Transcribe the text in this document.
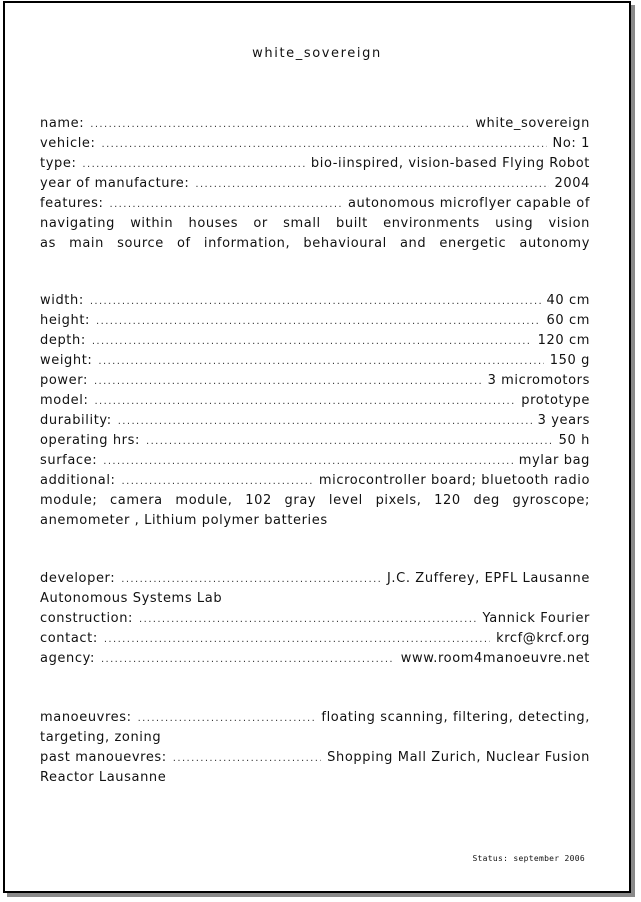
white_sovereign
name: .....	white_sovereign
vehicle: .....	No: 1
type: .....	bio-iinspired, vision-based Flying Robot
year of manufacture: .....	2004
features: .....	autonomous microflyer capable of
navigating within houses or small built environments using vision
as main source of information, behavioural and energetic autonomy
width: .....	40 cm
height: .....	60 cm
depth: .....	120 cm
weight: .....	150 g
power: .....	3 micromotors
model: .....	prototype
durability: .....	3 years
operating hrs: .....	50 h
surface: .....	mylar bag
additional: .....	microcontroller board; bluetooth radio
module; camera module, 102 gray level pixels, 120 deg gyroscope;
anemometer , Lithium polymer batteries
developer: .....	J.C. Zufferey, EPFL Lausanne
Autonomous Systems Lab
construction: .....	Yannick Fourier
contact: .....	krcf@krcf.org
agency: .....	www.room4manoeuvre.net
manoeuvres: .....	floating scanning, filtering, detecting,
targeting, zoning
past manouevres: .....	Shopping Mall Zurich, Nuclear Fusion
Reactor Lausanne
Status: september 2006
